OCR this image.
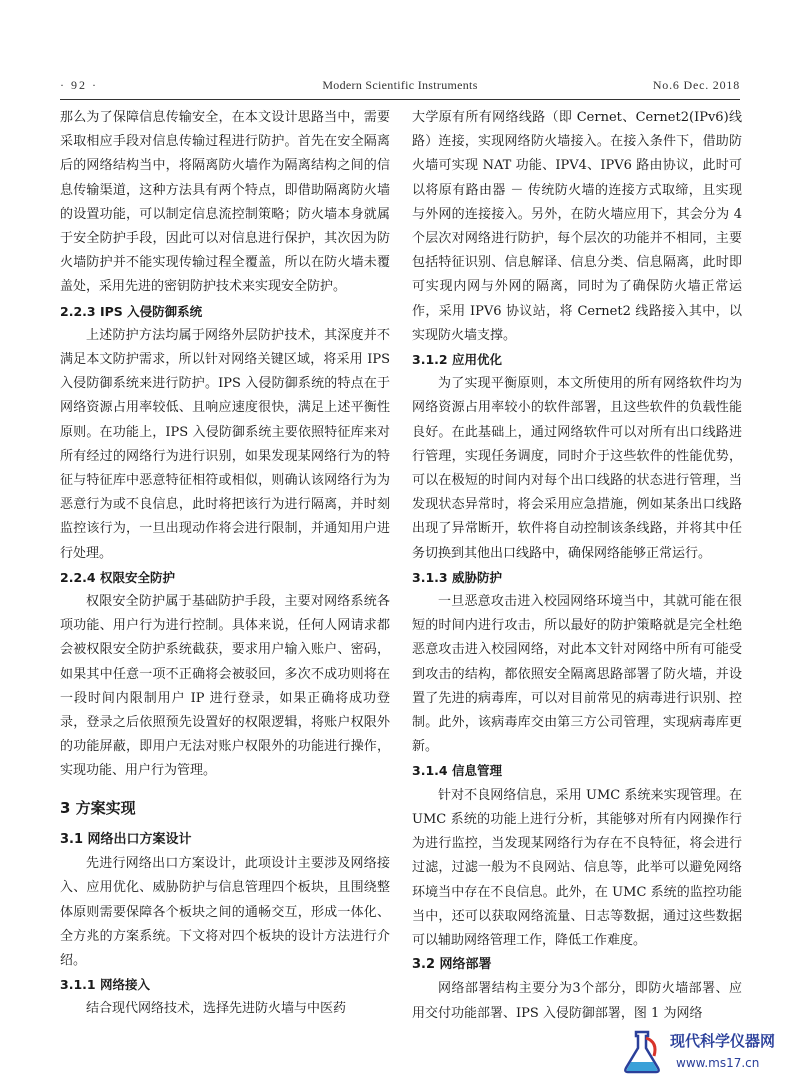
· 92 ·	Modern Scientific Instruments	No.6 Dec. 2018

那么为了保障信息传输安全，在本文设计思路当中，需要采取相应手段对信息传输过程进行防护。首先在安全隔离后的网络结构当中，将隔离防火墙作为隔离结构之间的信息传输渠道，这种方法具有两个特点，即借助隔离防火墙的设置功能，可以制定信息流控制策略；防火墙本身就属于安全防护手段，因此可以对信息进行保护，其次因为防火墙防护并不能实现传输过程全覆盖，所以在防火墙未覆盖处，采用先进的密钥防护技术来实现安全防护。

2.2.3 IPS 入侵防御系统

上述防护方法均属于网络外层防护技术，其深度并不满足本文防护需求，所以针对网络关键区域，将采用 IPS 入侵防御系统来进行防护。IPS 入侵防御系统的特点在于网络资源占用率较低、且响应速度很快，满足上述平衡性原则。在功能上，IPS 入侵防御系统主要依照特征库来对所有经过的网络行为进行识别，如果发现某网络行为的特征与特征库中恶意特征相符或相似，则确认该网络行为为恶意行为或不良信息，此时将把该行为进行隔离，并时刻监控该行为，一旦出现动作将会进行限制，并通知用户进行处理。

2.2.4 权限安全防护

权限安全防护属于基础防护手段，主要对网络系统各项功能、用户行为进行控制。具体来说，任何人网请求都会被权限安全防护系统截获，要求用户输入账户、密码，如果其中任意一项不正确将会被驳回，多次不成功则将在一段时间内限制用户 IP 进行登录，如果正确将成功登录，登录之后依照预先设置好的权限逻辑，将账户权限外的功能屏蔽，即用户无法对账户权限外的功能进行操作，实现功能、用户行为管理。

3 方案实现

3.1 网络出口方案设计

先进行网络出口方案设计，此项设计主要涉及网络接入、应用优化、威胁防护与信息管理四个板块，且围绕整体原则需要保障各个板块之间的通畅交互，形成一体化、全方兆的方案系统。下文将对四个板块的设计方法进行介绍。

3.1.1 网络接入

结合现代网络技术，选择先进防火墙与中医药

大学原有所有网络线路（即 Cernet、Cernet2(IPv6)线路）连接，实现网络防火墙接入。在接入条件下，借助防火墙可实现 NAT 功能、IPV4、IPV6 路由协议，此时可以将原有路由器 － 传统防火墙的连接方式取缔，且实现与外网的连接接入。另外，在防火墙应用下，其会分为 4 个层次对网络进行防护，每个层次的功能并不相同，主要包括特征识别、信息解译、信息分类、信息隔离，此时即可实现内网与外网的隔离，同时为了确保防火墙正常运作，采用 IPV6 协议站，将 Cernet2 线路接入其中，以实现防火墙支撑。

3.1.2 应用优化

为了实现平衡原则，本文所使用的所有网络软件均为网络资源占用率较小的软件部署，且这些软件的负载性能良好。在此基础上，通过网络软件可以对所有出口线路进行管理，实现任务调度，同时介于这些软件的性能优势，可以在极短的时间内对每个出口线路的状态进行管理，当发现状态异常时，将会采用应急措施，例如某条出口线路出现了异常断开，软件将自动控制该条线路，并将其中任务切换到其他出口线路中，确保网络能够正常运行。

3.1.3 威胁防护

一旦恶意攻击进入校园网络环境当中，其就可能在很短的时间内进行攻击，所以最好的防护策略就是完全杜绝恶意攻击进入校园网络，对此本文针对网络中所有可能受到攻击的结构，都依照安全隔离思路部署了防火墙，并设置了先进的病毒库，可以对目前常见的病毒进行识别、控制。此外，该病毒库交由第三方公司管理，实现病毒库更新。

3.1.4 信息管理

针对不良网络信息，采用 UMC 系统来实现管理。在 UMC 系统的功能上进行分析，其能够对所有内网操作行为进行监控，当发现某网络行为存在不良特征，将会进行过滤，过滤一般为不良网站、信息等，此举可以避免网络环境当中存在不良信息。此外，在 UMC 系统的监控功能当中，还可以获取网络流量、日志等数据，通过这些数据可以辅助网络管理工作，降低工作难度。

3.2 网络部署

网络部署结构主要分为3个部分，即防火墙部署、应用交付功能部署、IPS 入侵防御部署，图 1 为网络

现代科学仪器网
www.ms17.cn
